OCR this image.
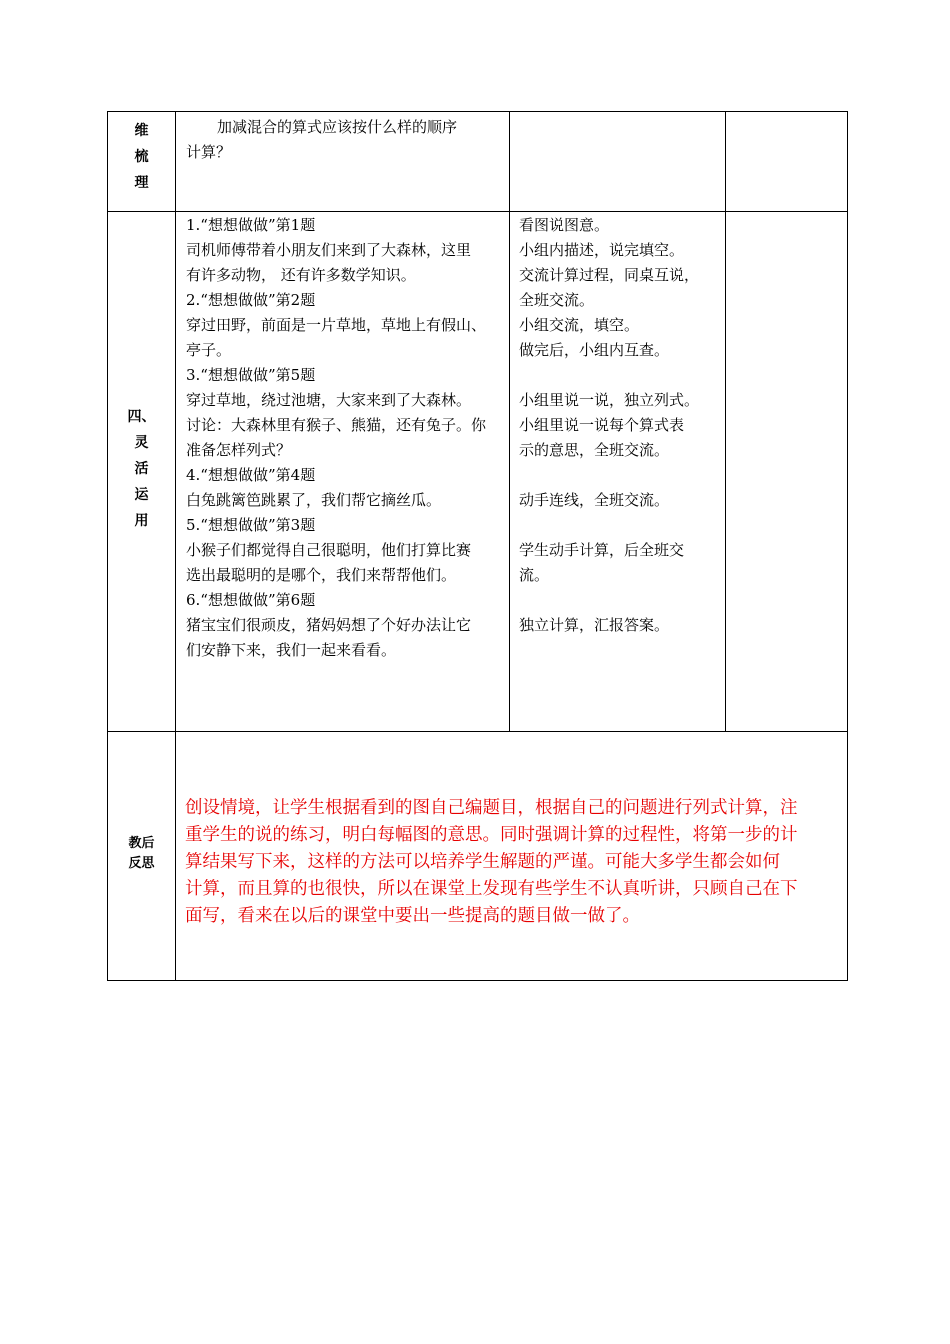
维
梳
理
加减混合的算式应该按什么样的顺序
计算？
四、
灵
活
运
用
1.“想想做做”第1题
司机师傅带着小朋友们来到了大森林，这里
有许多动物， 还有许多数学知识。
2.“想想做做”第2题
穿过田野，前面是一片草地，草地上有假山、
亭子。
3.“想想做做”第5题
穿过草地，绕过池塘，大家来到了大森林。
讨论：大森林里有猴子、熊猫，还有兔子。你
准备怎样列式？
4.“想想做做”第4题
白兔跳篱笆跳累了，我们帮它摘丝瓜。
5.“想想做做”第3题
小猴子们都觉得自己很聪明，他们打算比赛
选出最聪明的是哪个，我们来帮帮他们。
6.“想想做做”第6题
猪宝宝们很顽皮，猪妈妈想了个好办法让它
们安静下来，我们一起来看看。
看图说图意。
小组内描述，说完填空。
交流计算过程，同桌互说，
全班交流。
小组交流，填空。
做完后，小组内互查。
小组里说一说，独立列式。
小组里说一说每个算式表
示的意思，全班交流。
动手连线，全班交流。
学生动手计算，后全班交
流。
独立计算，汇报答案。
教后
反思
创设情境，让学生根据看到的图自己编题目，根据自己的问题进行列式计算，注
重学生的说的练习，明白每幅图的意思。同时强调计算的过程性，将第一步的计
算结果写下来，这样的方法可以培养学生解题的严谨。可能大多学生都会如何
计算，而且算的也很快，所以在课堂上发现有些学生不认真听讲，只顾自己在下
面写，看来在以后的课堂中要出一些提高的题目做一做了。
